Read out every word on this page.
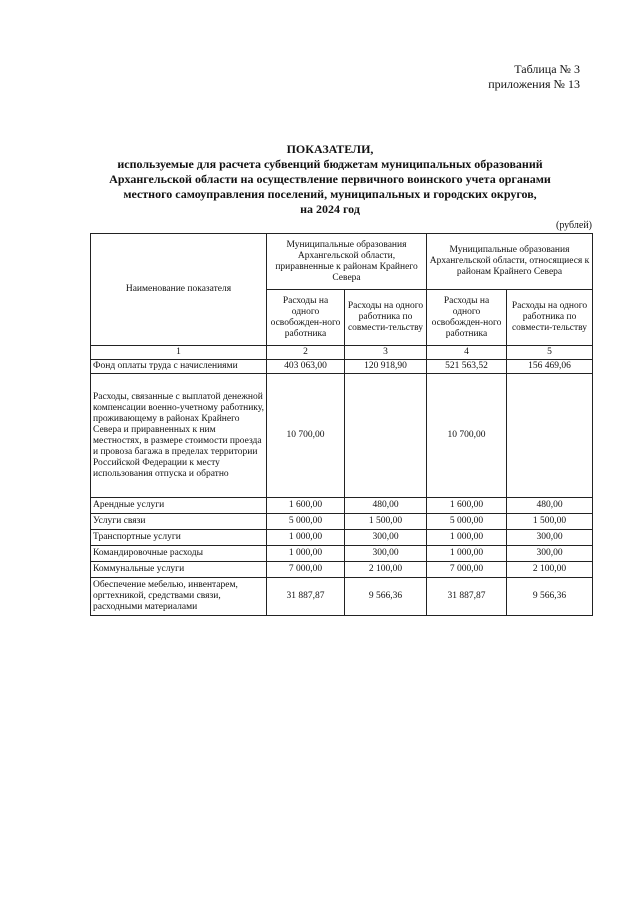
Таблица № 3
приложения № 13
ПОКАЗАТЕЛИ,
используемые для расчета субвенций бюджетам муниципальных образований
Архангельской области на осуществление первичного воинского учета органами
местного самоуправления поселений, муниципальных и городских округов,
на 2024 год
(рублей)
Наименование показателя	Муниципальные образования Архангельской области, приравненные к районам Крайнего Севера		Муниципальные образования Архангельской области, относящиеся к районам Крайнего Севера	
	Расходы на одного освобожден-ного работника	Расходы на одного работника по совмести-тельству	Расходы на одного освобожден-ного работника	Расходы на одного работника по совмести-тельству
1	2	3	4	5
Фонд оплаты труда с начислениями	403 063,00	120 918,90	521 563,52	156 469,06
Расходы, связанные с выплатой денежной компенсации военно-учетному работнику, проживающему в районах Крайнего Севера и приравненных к ним местностях, в размере стоимости проезда и провоза багажа в пределах территории Российской Федерации к месту использования отпуска и обратно	10 700,00		10 700,00	
Арендные услуги	1 600,00	480,00	1 600,00	480,00
Услуги связи	5 000,00	1 500,00	5 000,00	1 500,00
Транспортные услуги	1 000,00	300,00	1 000,00	300,00
Командировочные расходы	1 000,00	300,00	1 000,00	300,00
Коммунальные услуги	7 000,00	2 100,00	7 000,00	2 100,00
Обеспечение мебелью, инвентарем, оргтехникой, средствами связи, расходными материалами	31 887,87	9 566,36	31 887,87	9 566,36
